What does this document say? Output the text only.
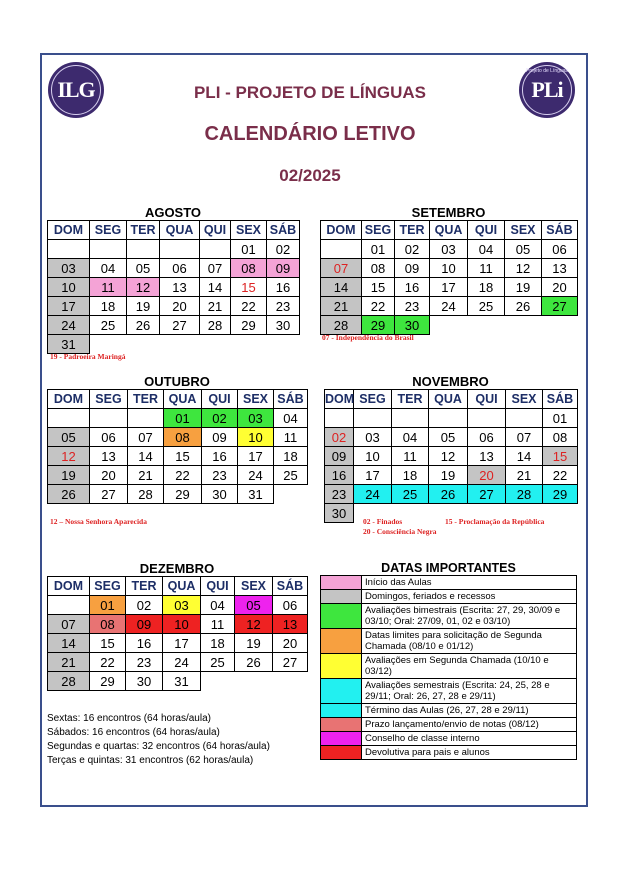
ILG
Projeto de Línguas
PLi
PLI - PROJETO DE LÍNGUAS
CALENDÁRIO LETIVO
02/2025
AGOSTO
DOM	SEG	TER	QUA	QUI	SEX	SÁB
					01	02
03	04	05	06	07	08	09
10	11	12	13	14	15	16
17	18	19	20	21	22	23
24	25	26	27	28	29	30
31						
19 - Padroeira Maringá
SETEMBRO
DOM	SEG	TER	QUA	QUI	SEX	SÁB
	01	02	03	04	05	06
07	08	09	10	11	12	13
14	15	16	17	18	19	20
21	22	23	24	25	26	27
28	29	30				
07 - Independência do Brasil
OUTUBRO
DOM	SEG	TER	QUA	QUI	SEX	SÁB
			01	02	03	04
05	06	07	08	09	10	11
12	13	14	15	16	17	18
19	20	21	22	23	24	25
26	27	28	29	30	31	
12 – Nossa Senhora Aparecida
NOVEMBRO
DOM	SEG	TER	QUA	QUI	SEX	SÁB
						01
02	03	04	05	06	07	08
09	10	11	12	13	14	15
16	17	18	19	20	21	22
23	24	25	26	27	28	29
30						
02 - Finados	15 - Proclamação da República
20 - Consciência Negra
DEZEMBRO
DOM	SEG	TER	QUA	QUI	SEX	SÁB
	01	02	03	04	05	06
07	08	09	10	11	12	13
14	15	16	17	18	19	20
21	22	23	24	25	26	27
28	29	30	31			
DATAS IMPORTANTES
	Início das Aulas
	Domingos, feriados e recessos
	Avaliações bimestrais (Escrita: 27, 29, 30/09 e 03/10; Oral: 27/09, 01, 02 e 03/10)
	Datas limites para solicitação de Segunda Chamada (08/10 e 01/12)
	Avaliações em Segunda Chamada (10/10 e 03/12)
	Avaliações semestrais (Escrita: 24, 25, 28 e 29/11; Oral: 26, 27, 28 e 29/11)
	Término das Aulas (26, 27, 28 e 29/11)
	Prazo lançamento/envio de notas (08/12)
	Conselho de classe interno
	Devolutiva para pais e alunos
Sextas: 16 encontros (64 horas/aula)
Sábados: 16 encontros (64 horas/aula)
Segundas e quartas: 32 encontros (64 horas/aula)
Terças e quintas: 31 encontros (62 horas/aula)
